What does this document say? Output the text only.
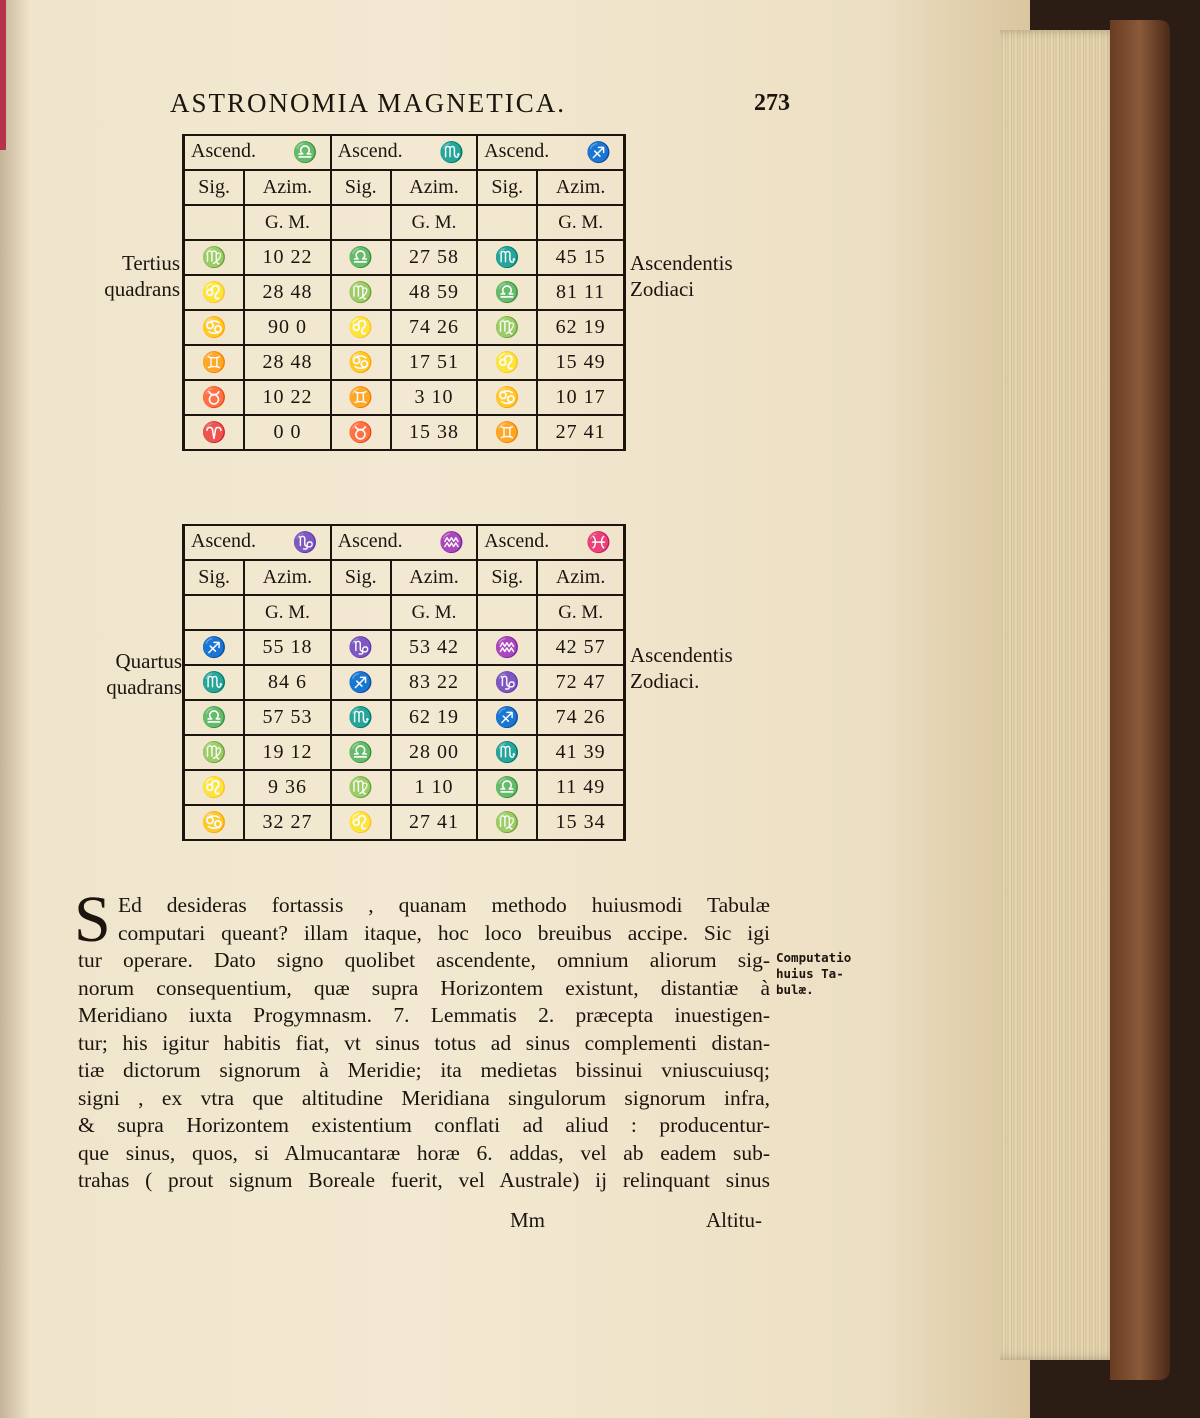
ASTRONOMIA MAGNETICA.	273
Ascend. ♎		Ascend. ♏		Ascend. ♐	

Sig.	Azim.	Sig.	Azim.	Sig.	Azim.
	G. M.		G. M.		G. M.
♍	10 22	♎	27 58	♏	45 15
♌	28 48	♍	48 59	♎	81 11
♋	90 0	♌	74 26	♍	62 19
♊	28 48	♋	17 51	♌	15 49
♉	10 22	♊	3 10	♋	10 17
♈	0 0	♉	15 38	♊	27 41
Tertius
quadrans
Ascendentis
Zodiaci
Ascend. ♑		Ascend. ♒		Ascend. ♓	

Sig.	Azim.	Sig.	Azim.	Sig.	Azim.
	G. M.		G. M.		G. M.
♐	55 18	♑	53 42	♒	42 57
♏	84 6	♐	83 22	♑	72 47
♎	57 53	♏	62 19	♐	74 26
♍	19 12	♎	28 00	♏	41 39
♌	9 36	♍	1 10	♎	11 49
♋	32 27	♌	27 41	♍	15 34
Quartus
quadrans
Ascendentis
Zodiaci.
S Ed desideras fortassis , quanam methodo huiusmodi Tabulæ
computari queant? illam itaque, hoc loco breuibus accipe. Sic igi
tur operare. Dato signo quolibet ascendente, omnium aliorum sig-
norum consequentium, quæ supra Horizontem existunt, distantiæ à
Meridiano iuxta Progymnasm. 7. Lemmatis 2. præcepta inuestigen-
tur; his igitur habitis fiat, vt sinus totus ad sinus complementi distan-
tiæ dictorum signorum à Meridie; ita medietas bissinui vniuscuiusq;
signi , ex vtra que altitudine Meridiana singulorum signorum infra,
& supra Horizontem existentium conflati ad aliud : producentur-
que sinus, quos, si Almucantaræ horæ 6. addas, vel ab eadem sub-
trahas ( prout signum Boreale fuerit, vel Australe) ij relinquant sinus
Computatio
huius Ta-
bulæ.
Mm	Altitu-
